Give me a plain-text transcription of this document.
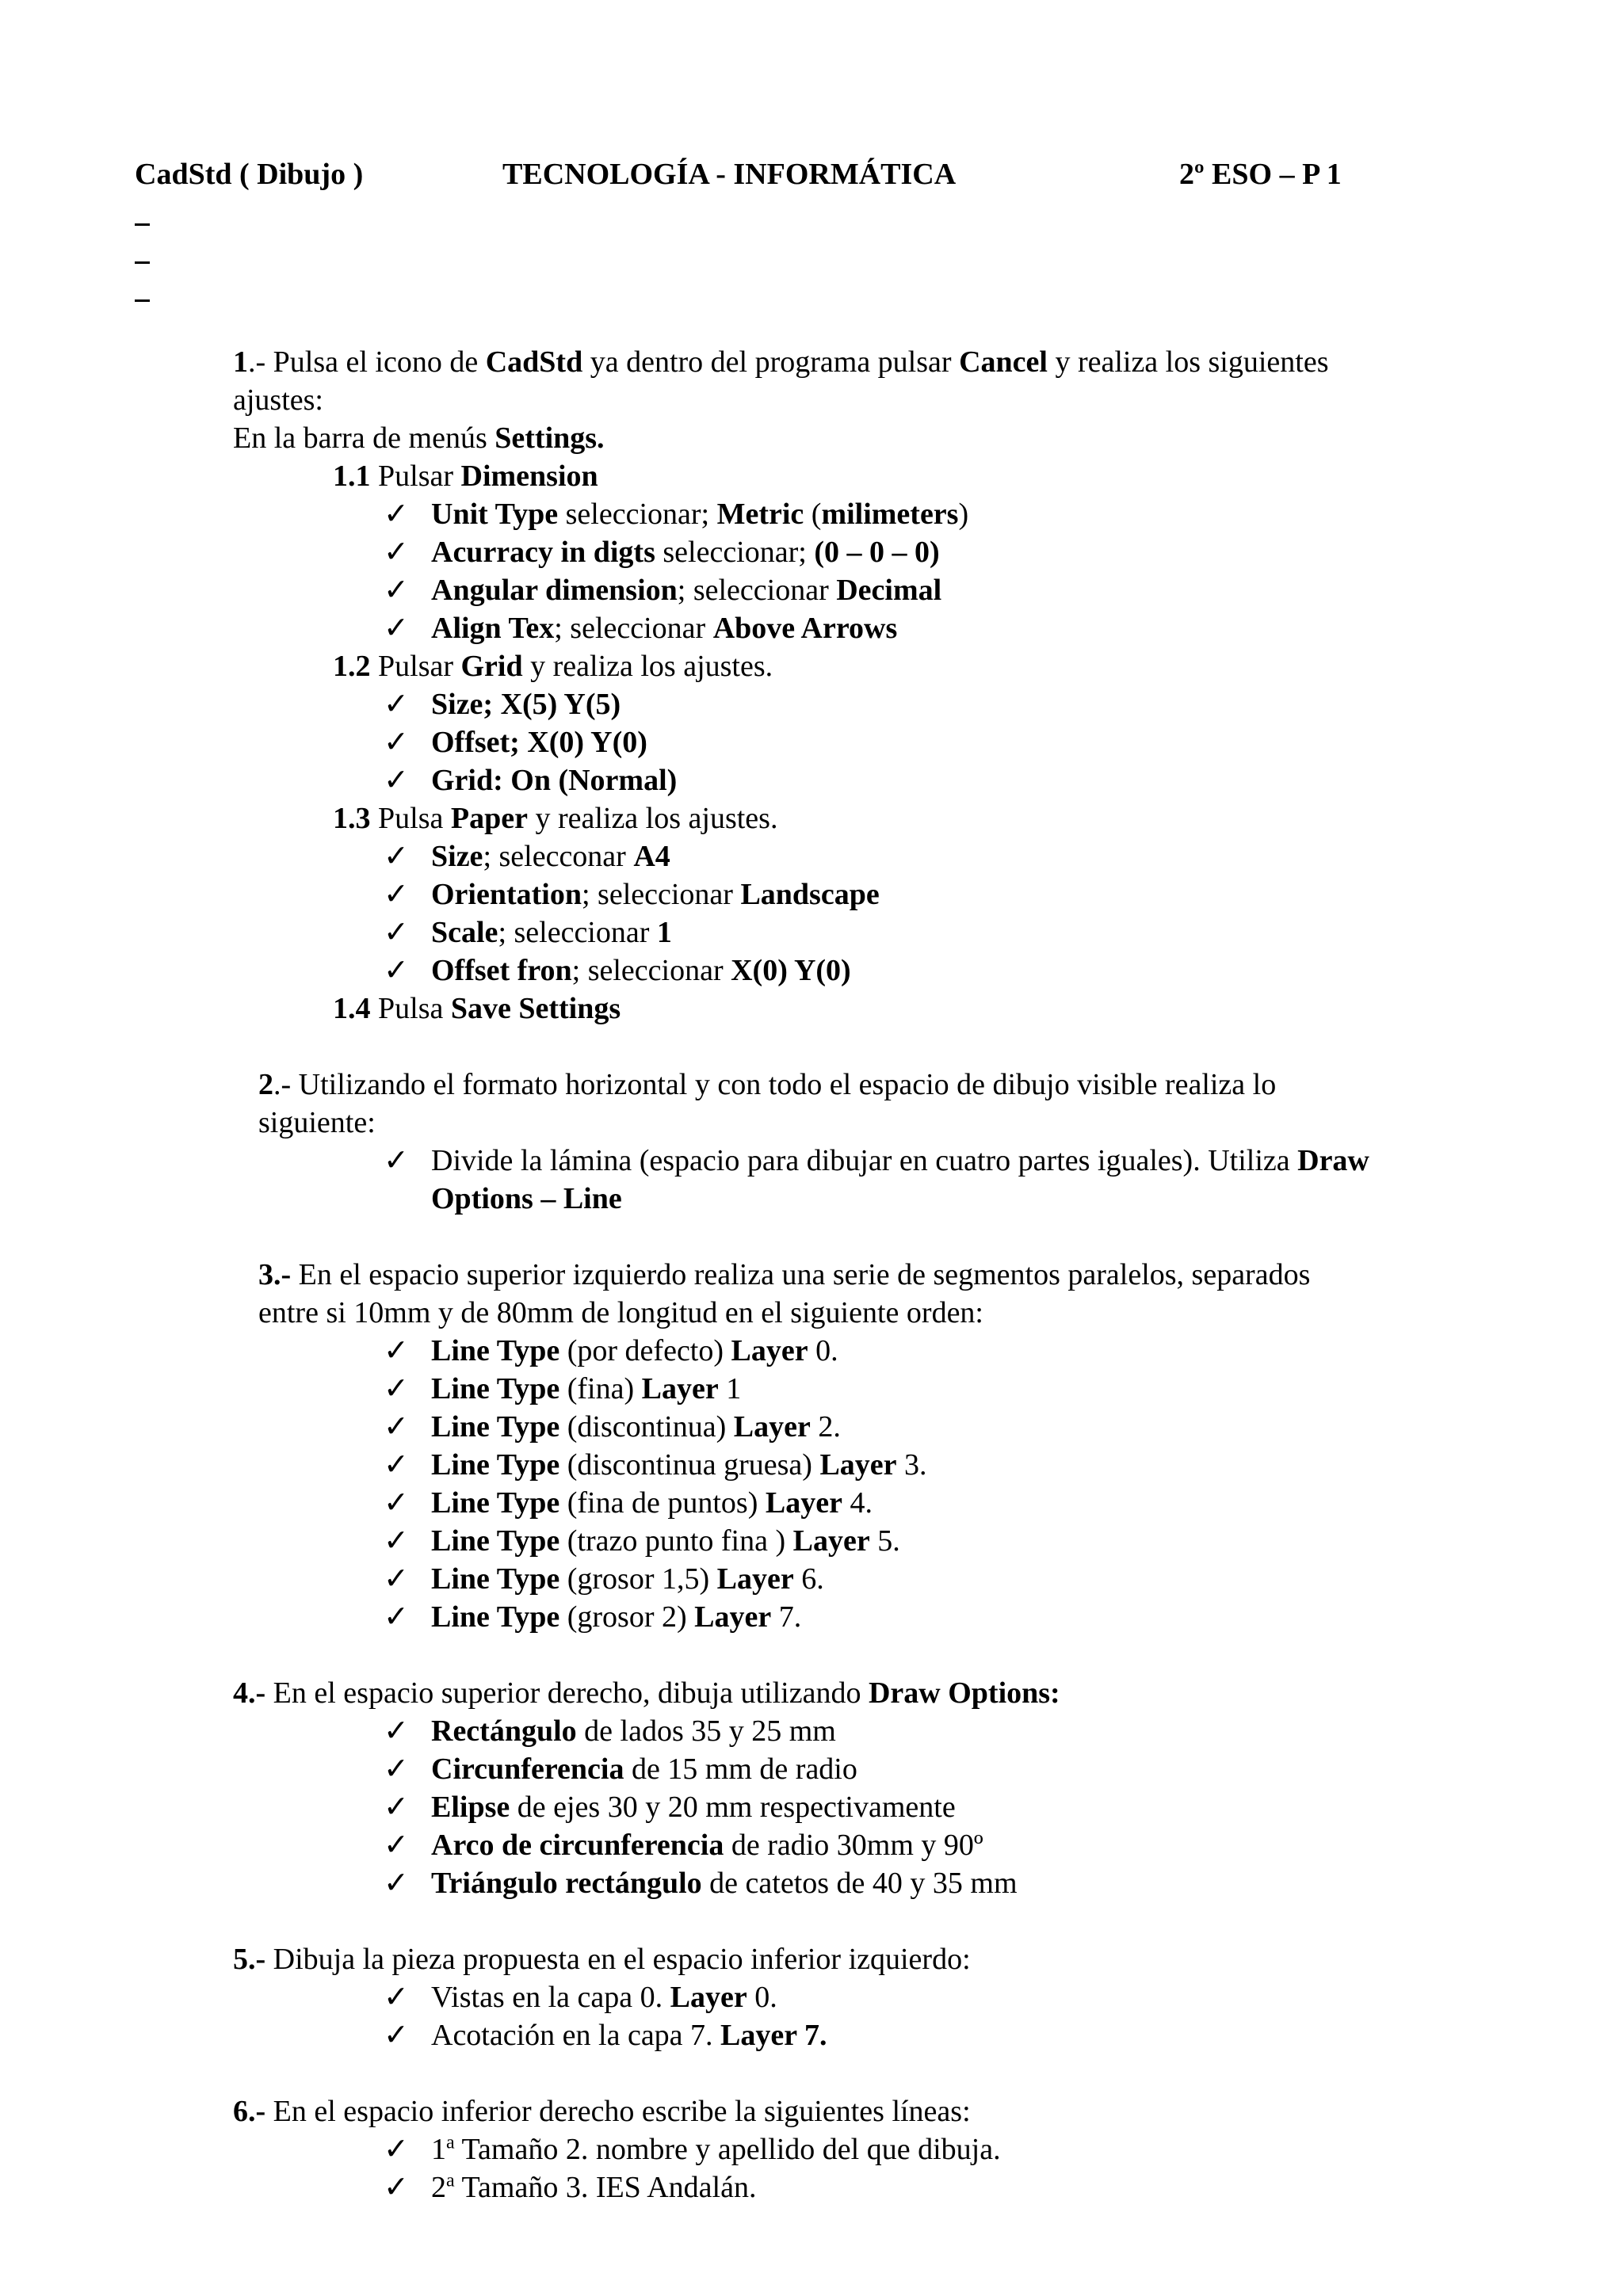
CadStd ( Dibujo )

	TECNOLOGÍA - INFORMÁTICA

	2º ESO – P 1

1.- Pulsa el icono de CadStd ya dentro del programa pulsar Cancel y realiza los siguientes
ajustes:
En la barra de menús Settings.
1.1 Pulsar Dimension
✓ Unit Type seleccionar; Metric (milimeters)
✓ Acurracy in digts seleccionar; (0 – 0 – 0)
✓ Angular dimension; seleccionar Decimal
✓ Align Tex; seleccionar Above Arrows
1.2 Pulsar Grid y realiza los ajustes.
✓ Size; X(5) Y(5)
✓ Offset; X(0) Y(0)
✓ Grid: On (Normal)
1.3 Pulsa Paper y realiza los ajustes.
✓ Size; selecconar A4
✓ Orientation; seleccionar Landscape
✓ Scale; seleccionar 1
✓ Offset fron; seleccionar X(0) Y(0)
1.4 Pulsa Save Settings
2.- Utilizando el formato horizontal y con todo el espacio de dibujo visible realiza lo
siguiente:
✓ Divide la lámina (espacio para dibujar en cuatro partes iguales). Utiliza Draw
Options – Line
3.- En el espacio superior izquierdo realiza una serie de segmentos paralelos, separados
entre si 10mm y de 80mm de longitud en el siguiente orden:
✓ Line Type (por defecto) Layer 0.
✓ Line Type (fina) Layer 1
✓ Line Type (discontinua) Layer 2.
✓ Line Type (discontinua gruesa) Layer 3.
✓ Line Type (fina de puntos) Layer 4.
✓ Line Type (trazo punto fina ) Layer 5.
✓ Line Type (grosor 1,5) Layer 6.
✓ Line Type (grosor 2) Layer 7.
4.- En el espacio superior derecho, dibuja utilizando Draw Options:
✓ Rectángulo de lados 35 y 25 mm
✓ Circunferencia de 15 mm de radio
✓ Elipse de ejes 30 y 20 mm respectivamente
✓ Arco de circunferencia de radio 30mm y 90º
✓ Triángulo rectángulo de catetos de 40 y 35 mm
5.- Dibuja la pieza propuesta en el espacio inferior izquierdo:
✓ Vistas en la capa 0. Layer 0.
✓ Acotación en la capa 7. Layer 7.
6.- En el espacio inferior derecho escribe la siguientes líneas:
✓ 1$^a$ Tamaño 2. nombre y apellido del que dibuja.
✓ 2$^a$ Tamaño 3. IES Andalán.
